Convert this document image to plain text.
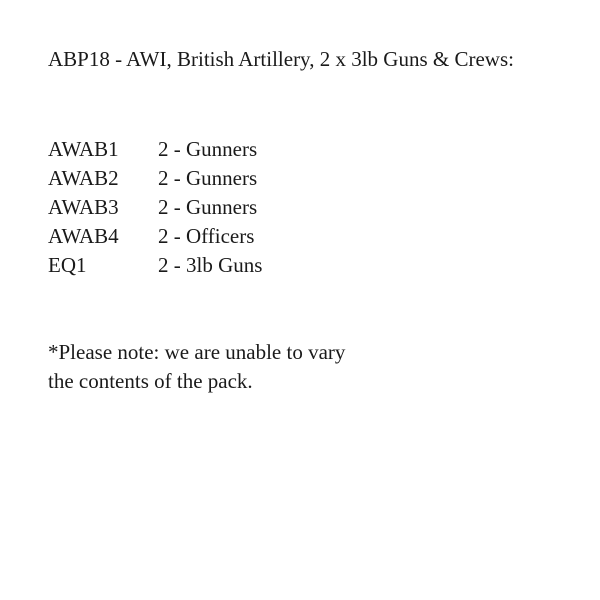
ABP18 - AWI, British Artillery, 2 x 3lb Guns & Crews:
AWAB1	2 - Gunners
AWAB2	2 - Gunners
AWAB3	2 - Gunners
AWAB4	2 - Officers
EQ1	2 - 3lb Guns
*Please note: we are unable to vary
the contents of the pack.
